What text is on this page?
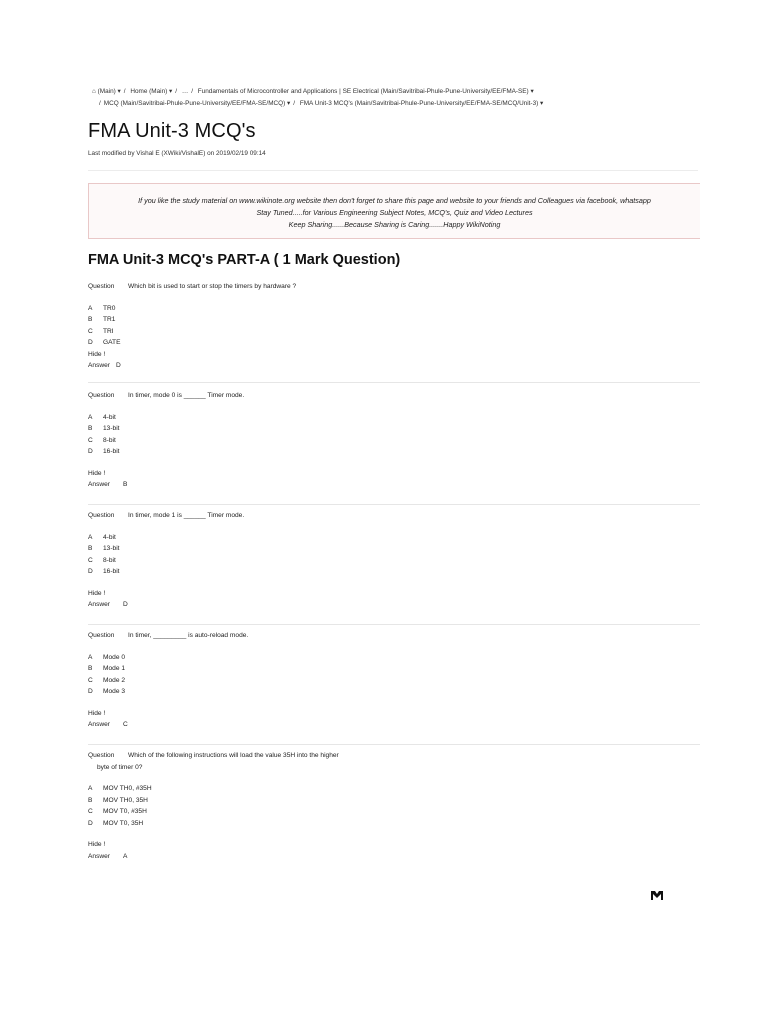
⌂ (Main) ▾ / Home (Main) ▾ / … / Fundamentals of Microcontroller and Applications | SE Electrical (Main/Savitribai-Phule-Pune-University/EE/FMA-SE) ▾
/ MCQ (Main/Savitribai-Phule-Pune-University/EE/FMA-SE/MCQ) ▾ / FMA Unit-3 MCQ's (Main/Savitribai-Phule-Pune-University/EE/FMA-SE/MCQ/Unit-3) ▾
FMA Unit-3 MCQ's
Last modified by Vishal E (XWiki/VishalE) on 2019/02/19 09:14
If you like the study material on www.wikinote.org website then don't forget to share this page and website to your friends and Colleagues via facebook, whatsapp
Stay Tuned.....for Various Engineering Subject Notes, MCQ's, Quiz and Video Lectures
Keep Sharing......Because Sharing is Caring.......Happy WikiNoting
FMA Unit-3 MCQ's PART-A ( 1 Mark Question)
Question Which bit is used to start or stop the timers by hardware ?
A TR0
B TR1
C TRI
D GATE
Hide !
Answer D
Question In timer, mode 0 is ______ Timer mode.
A 4-bit
B 13-bit
C 8-bit
D 16-bit
Hide !
Answer B
Question In timer, mode 1 is ______ Timer mode.
A 4-bit
B 13-bit
C 8-bit
D 16-bit
Hide !
Answer D
Question In timer, _________ is auto-reload mode.
A Mode 0
B Mode 1
C Mode 2
D Mode 3
Hide !
Answer C
Question Which of the following instructions will load the value 35H into the higher
byte of timer 0?
A MOV TH0, #35H
B MOV TH0, 35H
C MOV T0, #35H
D MOV T0, 35H
Hide !
Answer A
